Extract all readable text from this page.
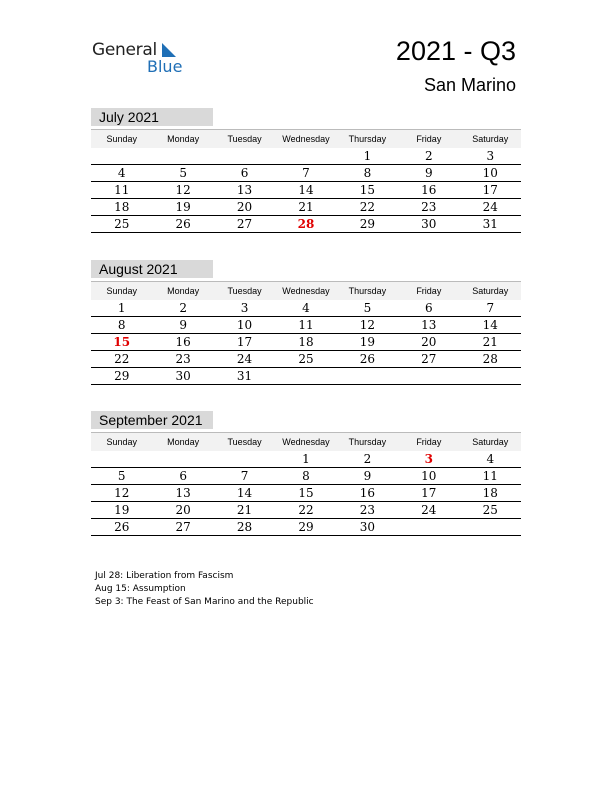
General
Blue
2021 - Q3
San Marino
July 2021
Sunday	Monday	Tuesday	Wednesday	Thursday	Friday	Saturday
				1	2	3
4	5	6	7	8	9	10
11	12	13	14	15	16	17
18	19	20	21	22	23	24
25	26	27	28	29	30	31
August 2021
Sunday	Monday	Tuesday	Wednesday	Thursday	Friday	Saturday
1	2	3	4	5	6	7
8	9	10	11	12	13	14
15	16	17	18	19	20	21
22	23	24	25	26	27	28
29	30	31				
September 2021
Sunday	Monday	Tuesday	Wednesday	Thursday	Friday	Saturday
			1	2	3	4
5	6	7	8	9	10	11
12	13	14	15	16	17	18
19	20	21	22	23	24	25
26	27	28	29	30		
Jul 28: Liberation from Fascism
Aug 15: Assumption
Sep 3: The Feast of San Marino and the Republic
